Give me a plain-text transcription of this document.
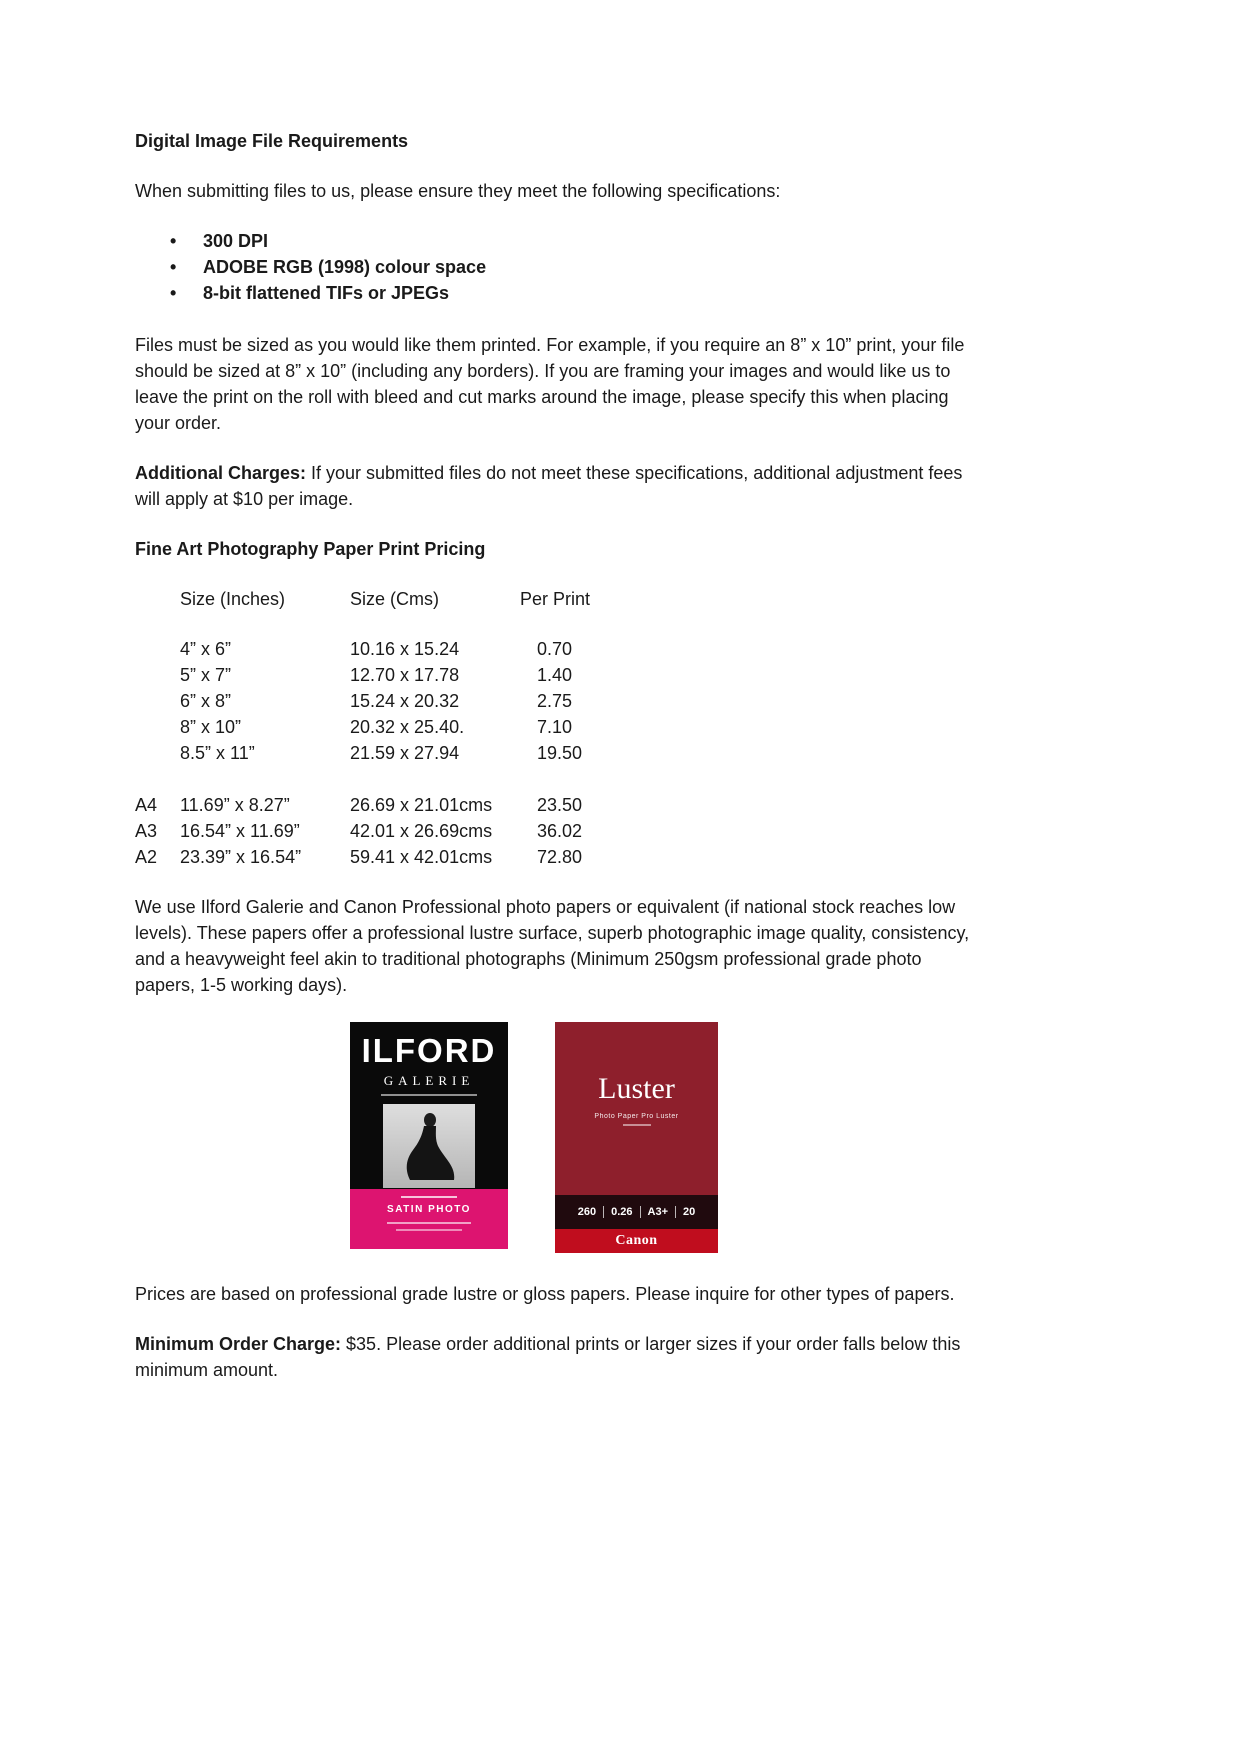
Digital Image File Requirements

When submitting files to us, please ensure they meet the following specifications:

• 300 DPI
• ADOBE RGB (1998) colour space
• 8-bit flattened TIFs or JPEGs

Files must be sized as you would like them printed. For example, if you require an 8” x 10” print, your file should be sized at 8” x 10” (including any borders). If you are framing your images and would like us to leave the print on the roll with bleed and cut marks around the image, please specify this when placing your order.

Additional Charges: If your submitted files do not meet these specifications, additional adjustment fees will apply at $10 per image.

Fine Art Photography Paper Print Pricing

Size (Inches)	Size (Cms)	Per Print
4” x 6”	10.16 x 15.24	0.70
5” x 7”	12.70 x 17.78	1.40
6” x 8”	15.24 x 20.32	2.75
8” x 10”	20.32 x 25.40.	7.10
8.5” x 11”	21.59 x 27.94	19.50
A4	11.69” x 8.27”	26.69 x 21.01cms	23.50
A3	16.54” x 11.69”	42.01 x 26.69cms	36.02
A2	23.39” x 16.54”	59.41 x 42.01cms	72.80

We use Ilford Galerie and Canon Professional photo papers or equivalent (if national stock reaches low levels). These papers offer a professional lustre surface, superb photographic image quality, consistency, and a heavyweight feel akin to traditional photographs (Minimum 250gsm professional grade photo papers, 1-5 working days).

ILFORD
GALERIE
SATIN PHOTO
Luster
Photo Paper Pro Luster
260	0.26	A3+	20
Canon

Prices are based on professional grade lustre or gloss papers. Please inquire for other types of papers.

Minimum Order Charge: $35. Please order additional prints or larger sizes if your order falls below this minimum amount.
